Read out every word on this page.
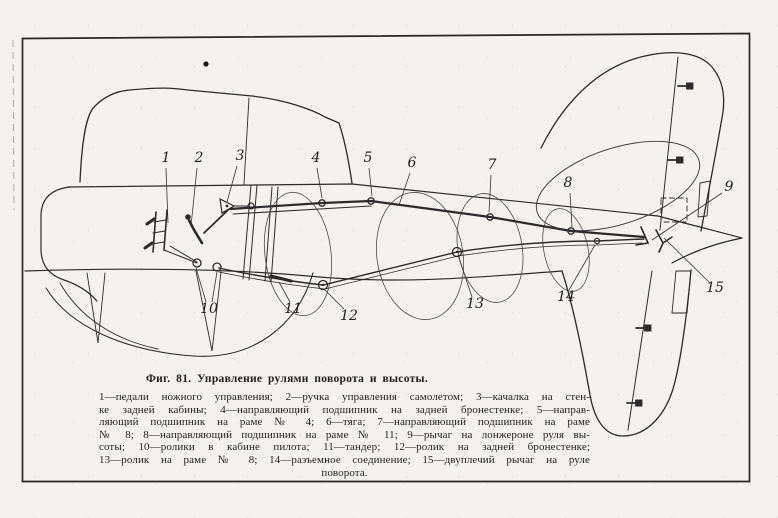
1 2 3	4	5	6	7
8	9
10	11	12
13	14
15
Фиг. 81. Управление рулями поворота и высоты.
1—педали ножного управления; 2—ручка управления самолетом; 3—качалка на стен-
ке задней кабины; 4—направляющий подшипник на задней бронестенке; 5—направ-
ляющий подшипник на раме № 4; 6—тяга; 7—направляющий подшипник на раме
№ 8; 8—направляющий подшипник на раме № 11; 9—рычаг на лонжероне руля вы-
соты; 10—ролики в кабине пилота; 11—тандер; 12—ролик на задней бронестенке;
13—ролик на раме № 8; 14—разъемное соединение; 15—двуплечий рычаг на руле
поворота.
